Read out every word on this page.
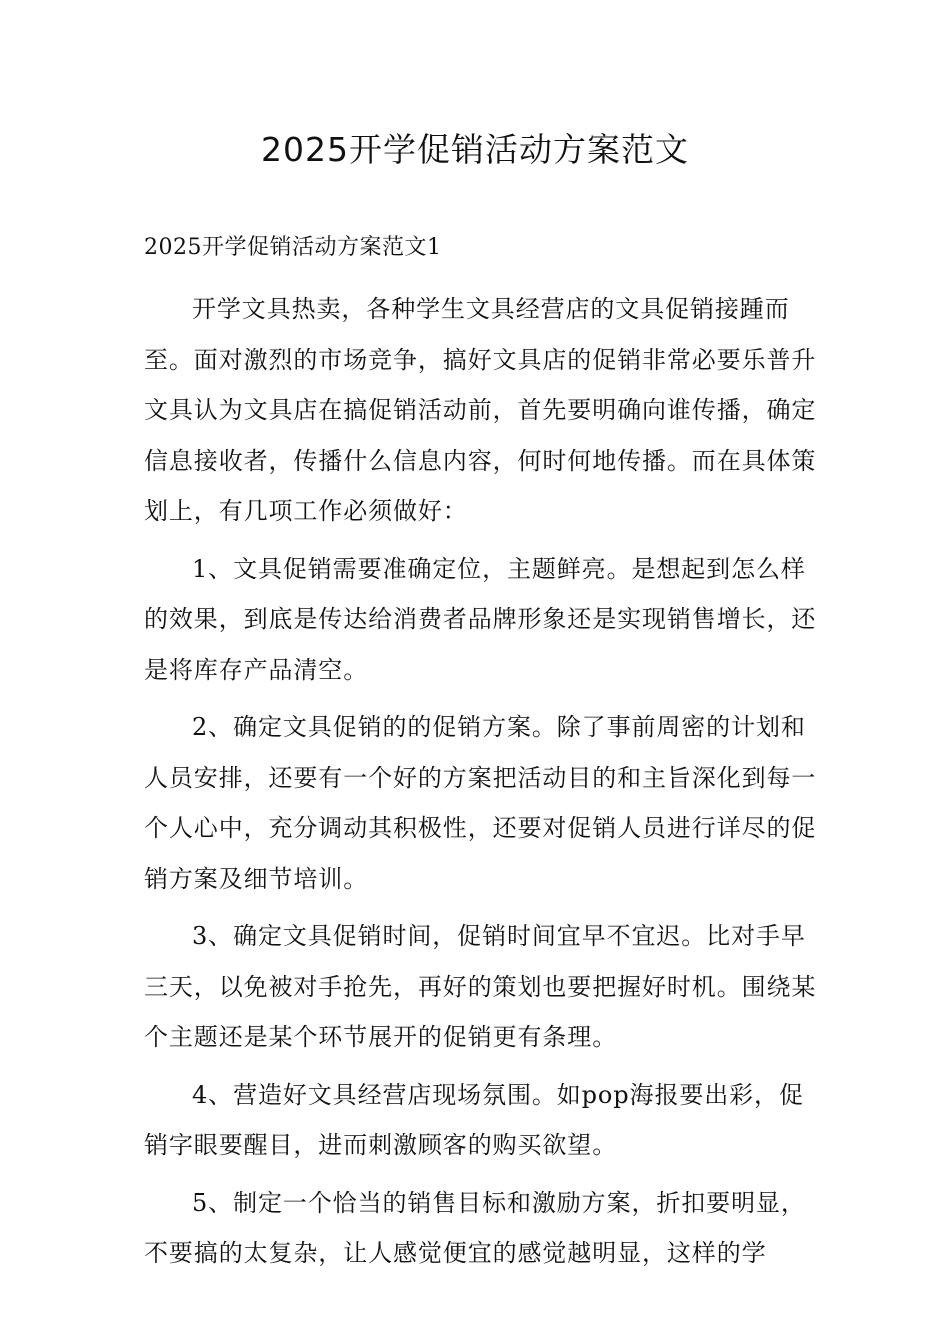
2025开学促销活动方案范文

2025开学促销活动方案范文1

开学文具热卖，各种学生文具经营店的文具促销接踵而至。面对激烈的市场竞争，搞好文具店的促销非常必要乐普升文具认为文具店在搞促销活动前，首先要明确向谁传播，确定信息接收者，传播什么信息内容，何时何地传播。而在具体策划上，有几项工作必须做好：

1、文具促销需要准确定位，主题鲜亮。是想起到怎么样的效果，到底是传达给消费者品牌形象还是实现销售增长，还是将库存产品清空。

2、确定文具促销的的促销方案。除了事前周密的计划和人员安排，还要有一个好的方案把活动目的和主旨深化到每一个人心中，充分调动其积极性，还要对促销人员进行详尽的促销方案及细节培训。

3、确定文具促销时间，促销时间宜早不宜迟。比对手早三天，以免被对手抢先，再好的策划也要把握好时机。围绕某个主题还是某个环节展开的促销更有条理。

4、营造好文具经营店现场氛围。如pop海报要出彩，促销字眼要醒目，进而刺激顾客的购买欲望。

5、制定一个恰当的销售目标和激励方案，折扣要明显，不要搞的太复杂，让人感觉便宜的感觉越明显，这样的学
